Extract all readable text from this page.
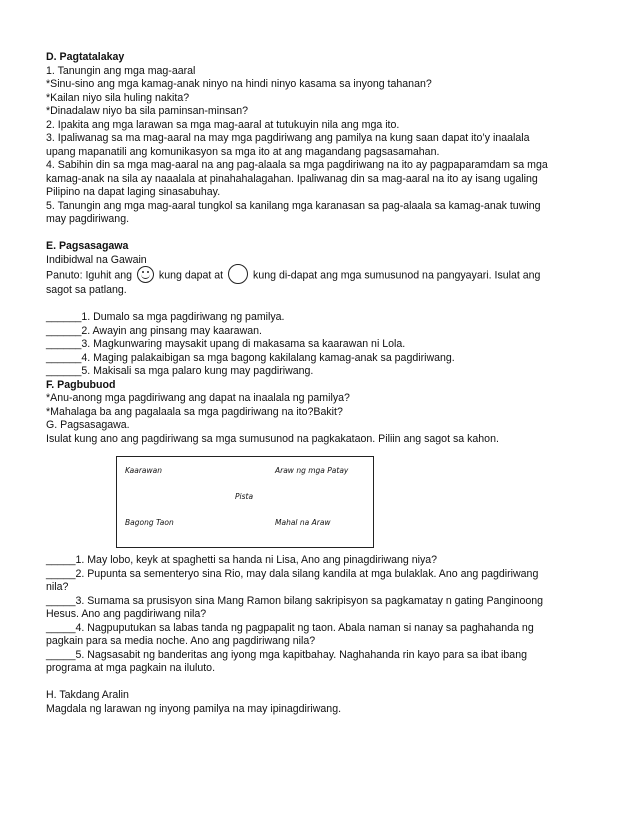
D. Pagtatalakay
1. Tanungin ang mga mag-aaral
*Sinu-sino ang mga kamag-anak ninyo na hindi ninyo kasama sa inyong tahanan?
*Kailan niyo sila huling nakita?
*Dinadalaw niyo ba sila paminsan-minsan?
2. Ipakita ang mga larawan sa mga mag-aaral at tutukuyin nila ang mga ito.
3. Ipaliwanag sa ma mag-aaral na may mga pagdiriwang ang pamilya na kung saan dapat ito’y inaalala
upang mapanatili ang komunikasyon sa mga ito at ang magandang pagsasamahan.
4. Sabihin din sa mga mag-aaral na ang pag-alaala sa mga pagdiriwang na ito ay pagpaparamdam sa mga
kamag-anak na sila ay naaalala at pinahahalagahan. Ipaliwanag din sa mag-aaral na ito ay isang ugaling
Pilipino na dapat laging sinasabuhay.
5. Tanungin ang mga mag-aaral tungkol sa kanilang mga karanasan sa pag-alaala sa kamag-anak tuwing
may pagdiriwang.
E. Pagsasagawa
Indibidwal na Gawain
Panuto: Iguhit ang	kung dapat at	kung di-dapat ang mga sumusunod na pangyayari. Isulat ang
sagot sa patlang.
______1. Dumalo sa mga pagdiriwang ng pamilya.
______2. Awayin ang pinsang may kaarawan.
______3. Magkunwaring maysakit upang di makasama sa kaarawan ni Lola.
______4. Maging palakaibigan sa mga bagong kakilalang kamag-anak sa pagdiriwang.
______5. Makisali sa mga palaro kung may pagdiriwang.
F. Pagbubuod
*Anu-anong mga pagdiriwang ang dapat na inaalala ng pamilya?
*Mahalaga ba ang pagalaala sa mga pagdiriwang na ito?Bakit?
G. Pagsasagawa.
Isulat kung ano ang pagdiriwang sa mga sumusunod na pagkakataon. Piliin ang sagot sa kahon.
_____1. May lobo, keyk at spaghetti sa handa ni Lisa, Ano ang pinagdiriwang niya?
_____2. Pupunta sa sementeryo sina Rio, may dala silang kandila at mga bulaklak. Ano ang pagdiriwang
nila?
_____3. Sumama sa prusisyon sina Mang Ramon bilang sakripisyon sa pagkamatay n gating Panginoong
Hesus. Ano ang pagdiriwang nila?
_____4. Nagpuputukan sa labas tanda ng pagpapalit ng taon. Abala naman si nanay sa paghahanda ng
pagkain para sa media noche. Ano ang pagdiriwang nila?
_____5. Nagsasabit ng banderitas ang iyong mga kapitbahay. Naghahanda rin kayo para sa ibat ibang
programa at mga pagkain na iluluto.
H. Takdang Aralin
Magdala ng larawan ng inyong pamilya na may ipinagdiriwang.
Kaarawan	Araw ng mga Patay
Pista
Bagong Taon	Mahal na Araw
